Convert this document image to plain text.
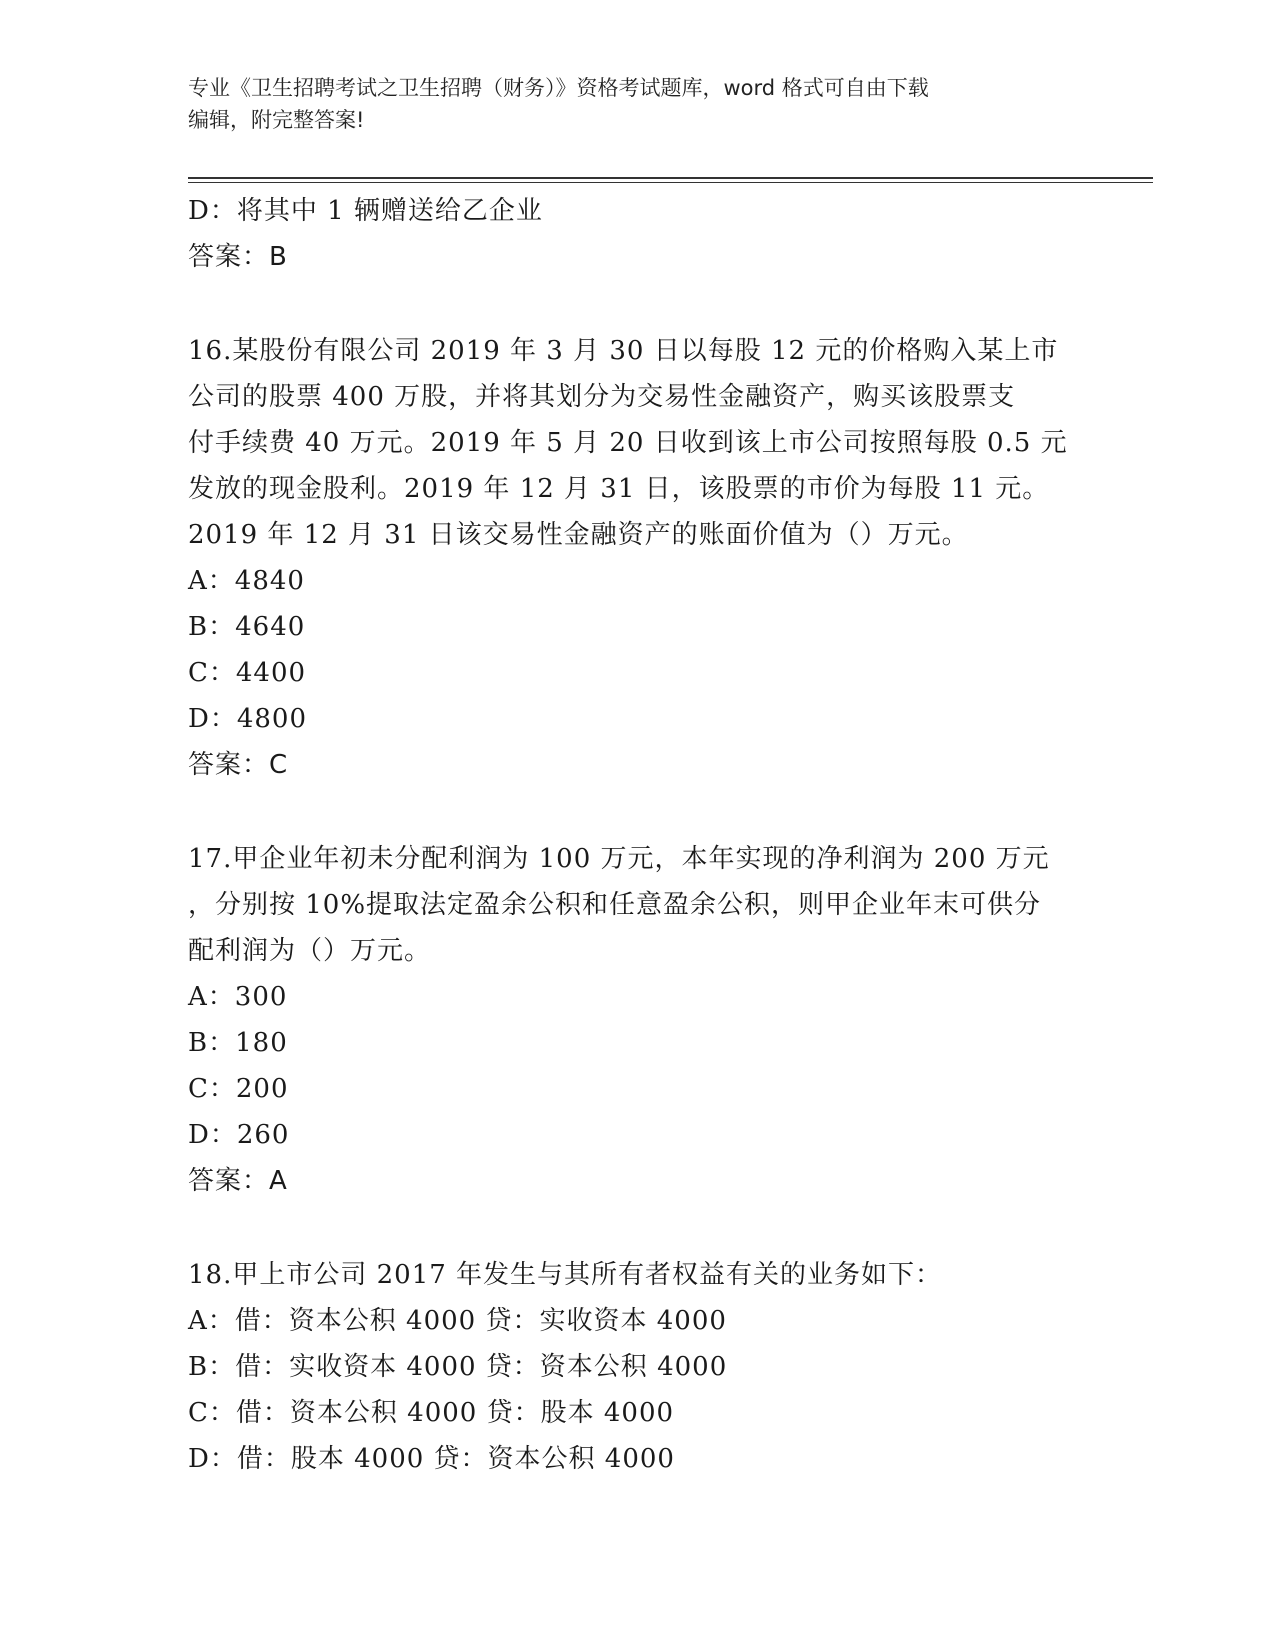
专业《卫生招聘考试之卫生招聘（财务）》资格考试题库，word 格式可自由下载
编辑，附完整答案!
D：将其中 1 辆赠送给乙企业
答案：B
16.某股份有限公司 2019 年 3 月 30 日以每股 12 元的价格购入某上市
公司的股票 400 万股，并将其划分为交易性金融资产，购买该股票支
付手续费 40 万元。2019 年 5 月 20 日收到该上市公司按照每股 0.5 元
发放的现金股利。2019 年 12 月 31 日，该股票的市价为每股 11 元。
2019 年 12 月 31 日该交易性金融资产的账面价值为（）万元。
A：4840
B：4640
C：4400
D：4800
答案：C
17.甲企业年初未分配利润为 100 万元，本年实现的净利润为 200 万元
，分别按 10%提取法定盈余公积和任意盈余公积，则甲企业年末可供分
配利润为（）万元。
A：300
B：180
C：200
D：260
答案：A
18.甲上市公司 2017 年发生与其所有者权益有关的业务如下：
A：借：资本公积 4000 贷：实收资本 4000
B：借：实收资本 4000 贷：资本公积 4000
C：借：资本公积 4000 贷：股本 4000
D：借：股本 4000 贷：资本公积 4000
